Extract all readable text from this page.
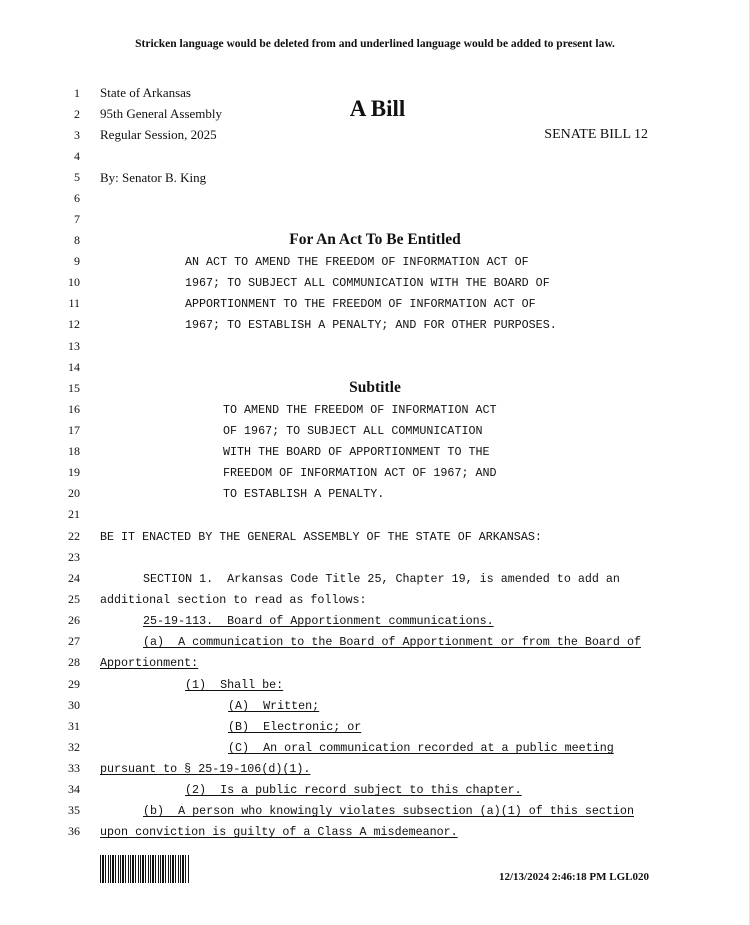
Stricken language would be deleted from and underlined language would be added to present law.
1
2
3
4
5
6
7
8
9
10
11
12
13
14
15
16
17
18
19
20
21
22
23
24
25
26
27
28
29
30
31
32
33
34
35
36
State of Arkansas
95th General Assembly
Regular Session, 2025
A Bill
SENATE BILL 12
By: Senator B. King
For An Act To Be Entitled
AN ACT TO AMEND THE FREEDOM OF INFORMATION ACT OF
1967; TO SUBJECT ALL COMMUNICATION WITH THE BOARD OF
APPORTIONMENT TO THE FREEDOM OF INFORMATION ACT OF
1967; TO ESTABLISH A PENALTY; AND FOR OTHER PURPOSES.
Subtitle
TO AMEND THE FREEDOM OF INFORMATION ACT
OF 1967; TO SUBJECT ALL COMMUNICATION
WITH THE BOARD OF APPORTIONMENT TO THE
FREEDOM OF INFORMATION ACT OF 1967; AND
TO ESTABLISH A PENALTY.
BE IT ENACTED BY THE GENERAL ASSEMBLY OF THE STATE OF ARKANSAS:
SECTION 1.  Arkansas Code Title 25, Chapter 19, is amended to add an
additional section to read as follows:
25-19-113.  Board of Apportionment communications.
(a)  A communication to the Board of Apportionment or from the Board of
Apportionment:
(1)  Shall be:
(A)  Written;
(B)  Electronic; or
(C)  An oral communication recorded at a public meeting
pursuant to § 25-19-106(d)(1).
(2)  Is a public record subject to this chapter.
(b)  A person who knowingly violates subsection (a)(1) of this section
upon conviction is guilty of a Class A misdemeanor.
12/13/2024 2:46:18 PM LGL020
